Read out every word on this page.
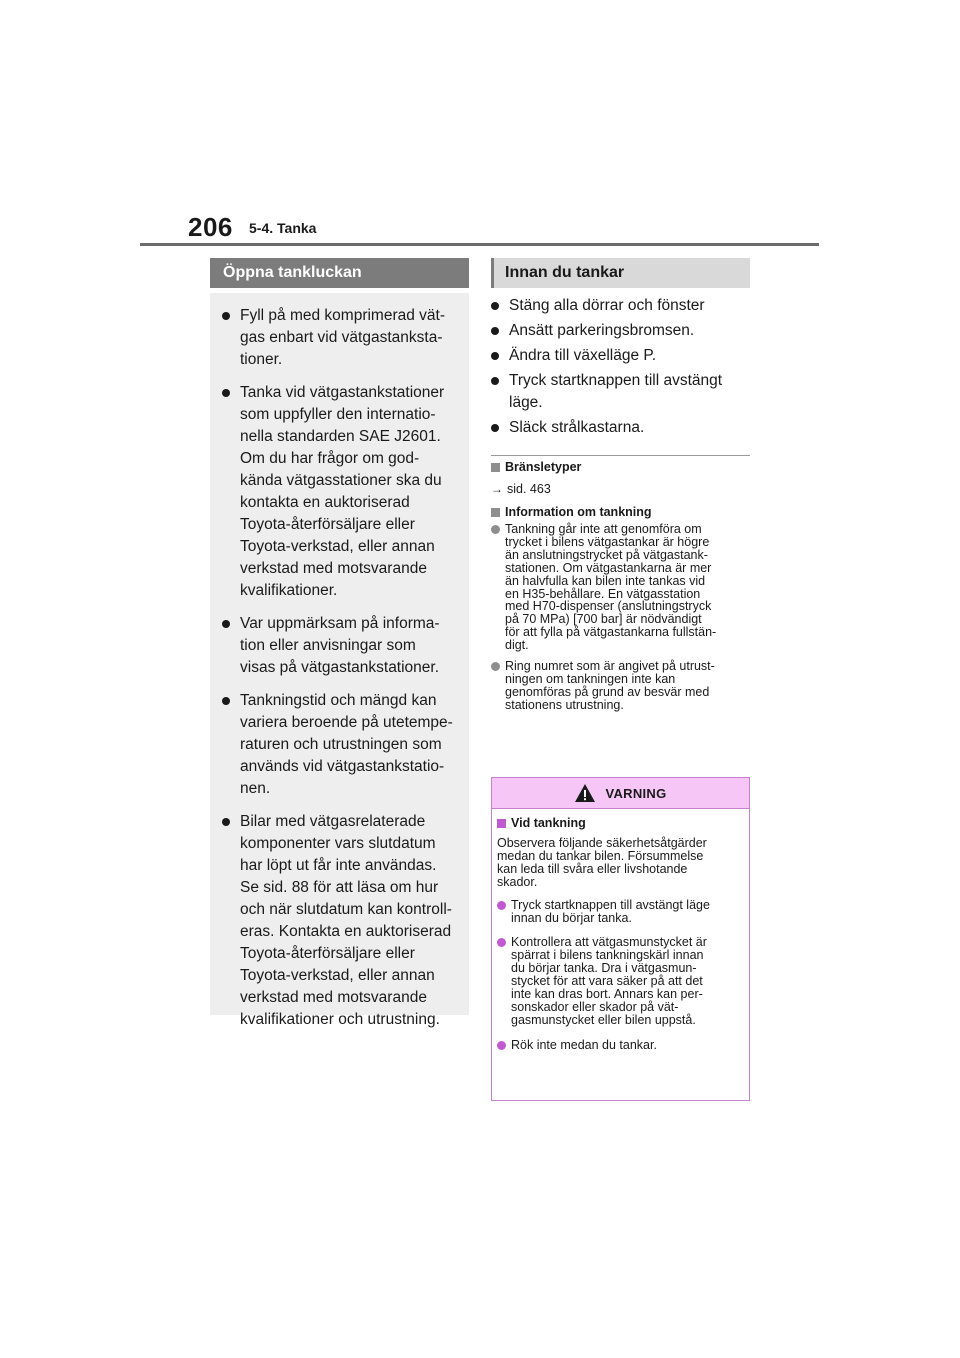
206 5-4. Tanka
Öppna tankluckan
Fyll på med komprimerad vät-
gas enbart vid vätgastanksta-
tioner.
Tanka vid vätgastankstationer
som uppfyller den internatio-
nella standarden SAE J2601.
Om du har frågor om god-
kända vätgasstationer ska du
kontakta en auktoriserad
Toyota-återförsäljare eller
Toyota-verkstad, eller annan
verkstad med motsvarande
kvalifikationer.
Var uppmärksam på informa-
tion eller anvisningar som
visas på vätgastankstationer.
Tankningstid och mängd kan
variera beroende på utetempe-
raturen och utrustningen som
används vid vätgastankstatio-
nen.
Bilar med vätgasrelaterade
komponenter vars slutdatum
har löpt ut får inte användas.
Se sid. 88 för att läsa om hur
och när slutdatum kan kontroll-
eras. Kontakta en auktoriserad
Toyota-återförsäljare eller
Toyota-verkstad, eller annan
verkstad med motsvarande
kvalifikationer och utrustning.
Innan du tankar
Stäng alla dörrar och fönster
Ansätt parkeringsbromsen.
Ändra till växelläge P.
Tryck startknappen till avstängt
läge.
Släck strålkastarna.

Bränsletyper

→ sid. 463

Information om tankning

Tankning går inte att genomföra om
trycket i bilens vätgastankar är högre
än anslutningstrycket på vätgastank-
stationen. Om vätgastankarna är mer
än halvfulla kan bilen inte tankas vid
en H35-behållare. En vätgasstation
med H70-dispenser (anslutningstryck
på 70 MPa) [700 bar] är nödvändigt
för att fylla på vätgastankarna fullstän-
digt.

Ring numret som är angivet på utrust-
ningen om tankningen inte kan
genomföras på grund av besvär med
stationens utrustning.

VARNING

Vid tankning

Observera följande säkerhetsåtgärder
medan du tankar bilen. Försummelse
kan leda till svåra eller livshotande
skador.

Tryck startknappen till avstängt läge
innan du börjar tanka.

Kontrollera att vätgasmunstycket är
spärrat i bilens tankningskärl innan
du börjar tanka. Dra i vätgasmun-
stycket för att vara säker på att det
inte kan dras bort. Annars kan per-
sonskador eller skador på vät-
gasmunstycket eller bilen uppstå.

Rök inte medan du tankar.
